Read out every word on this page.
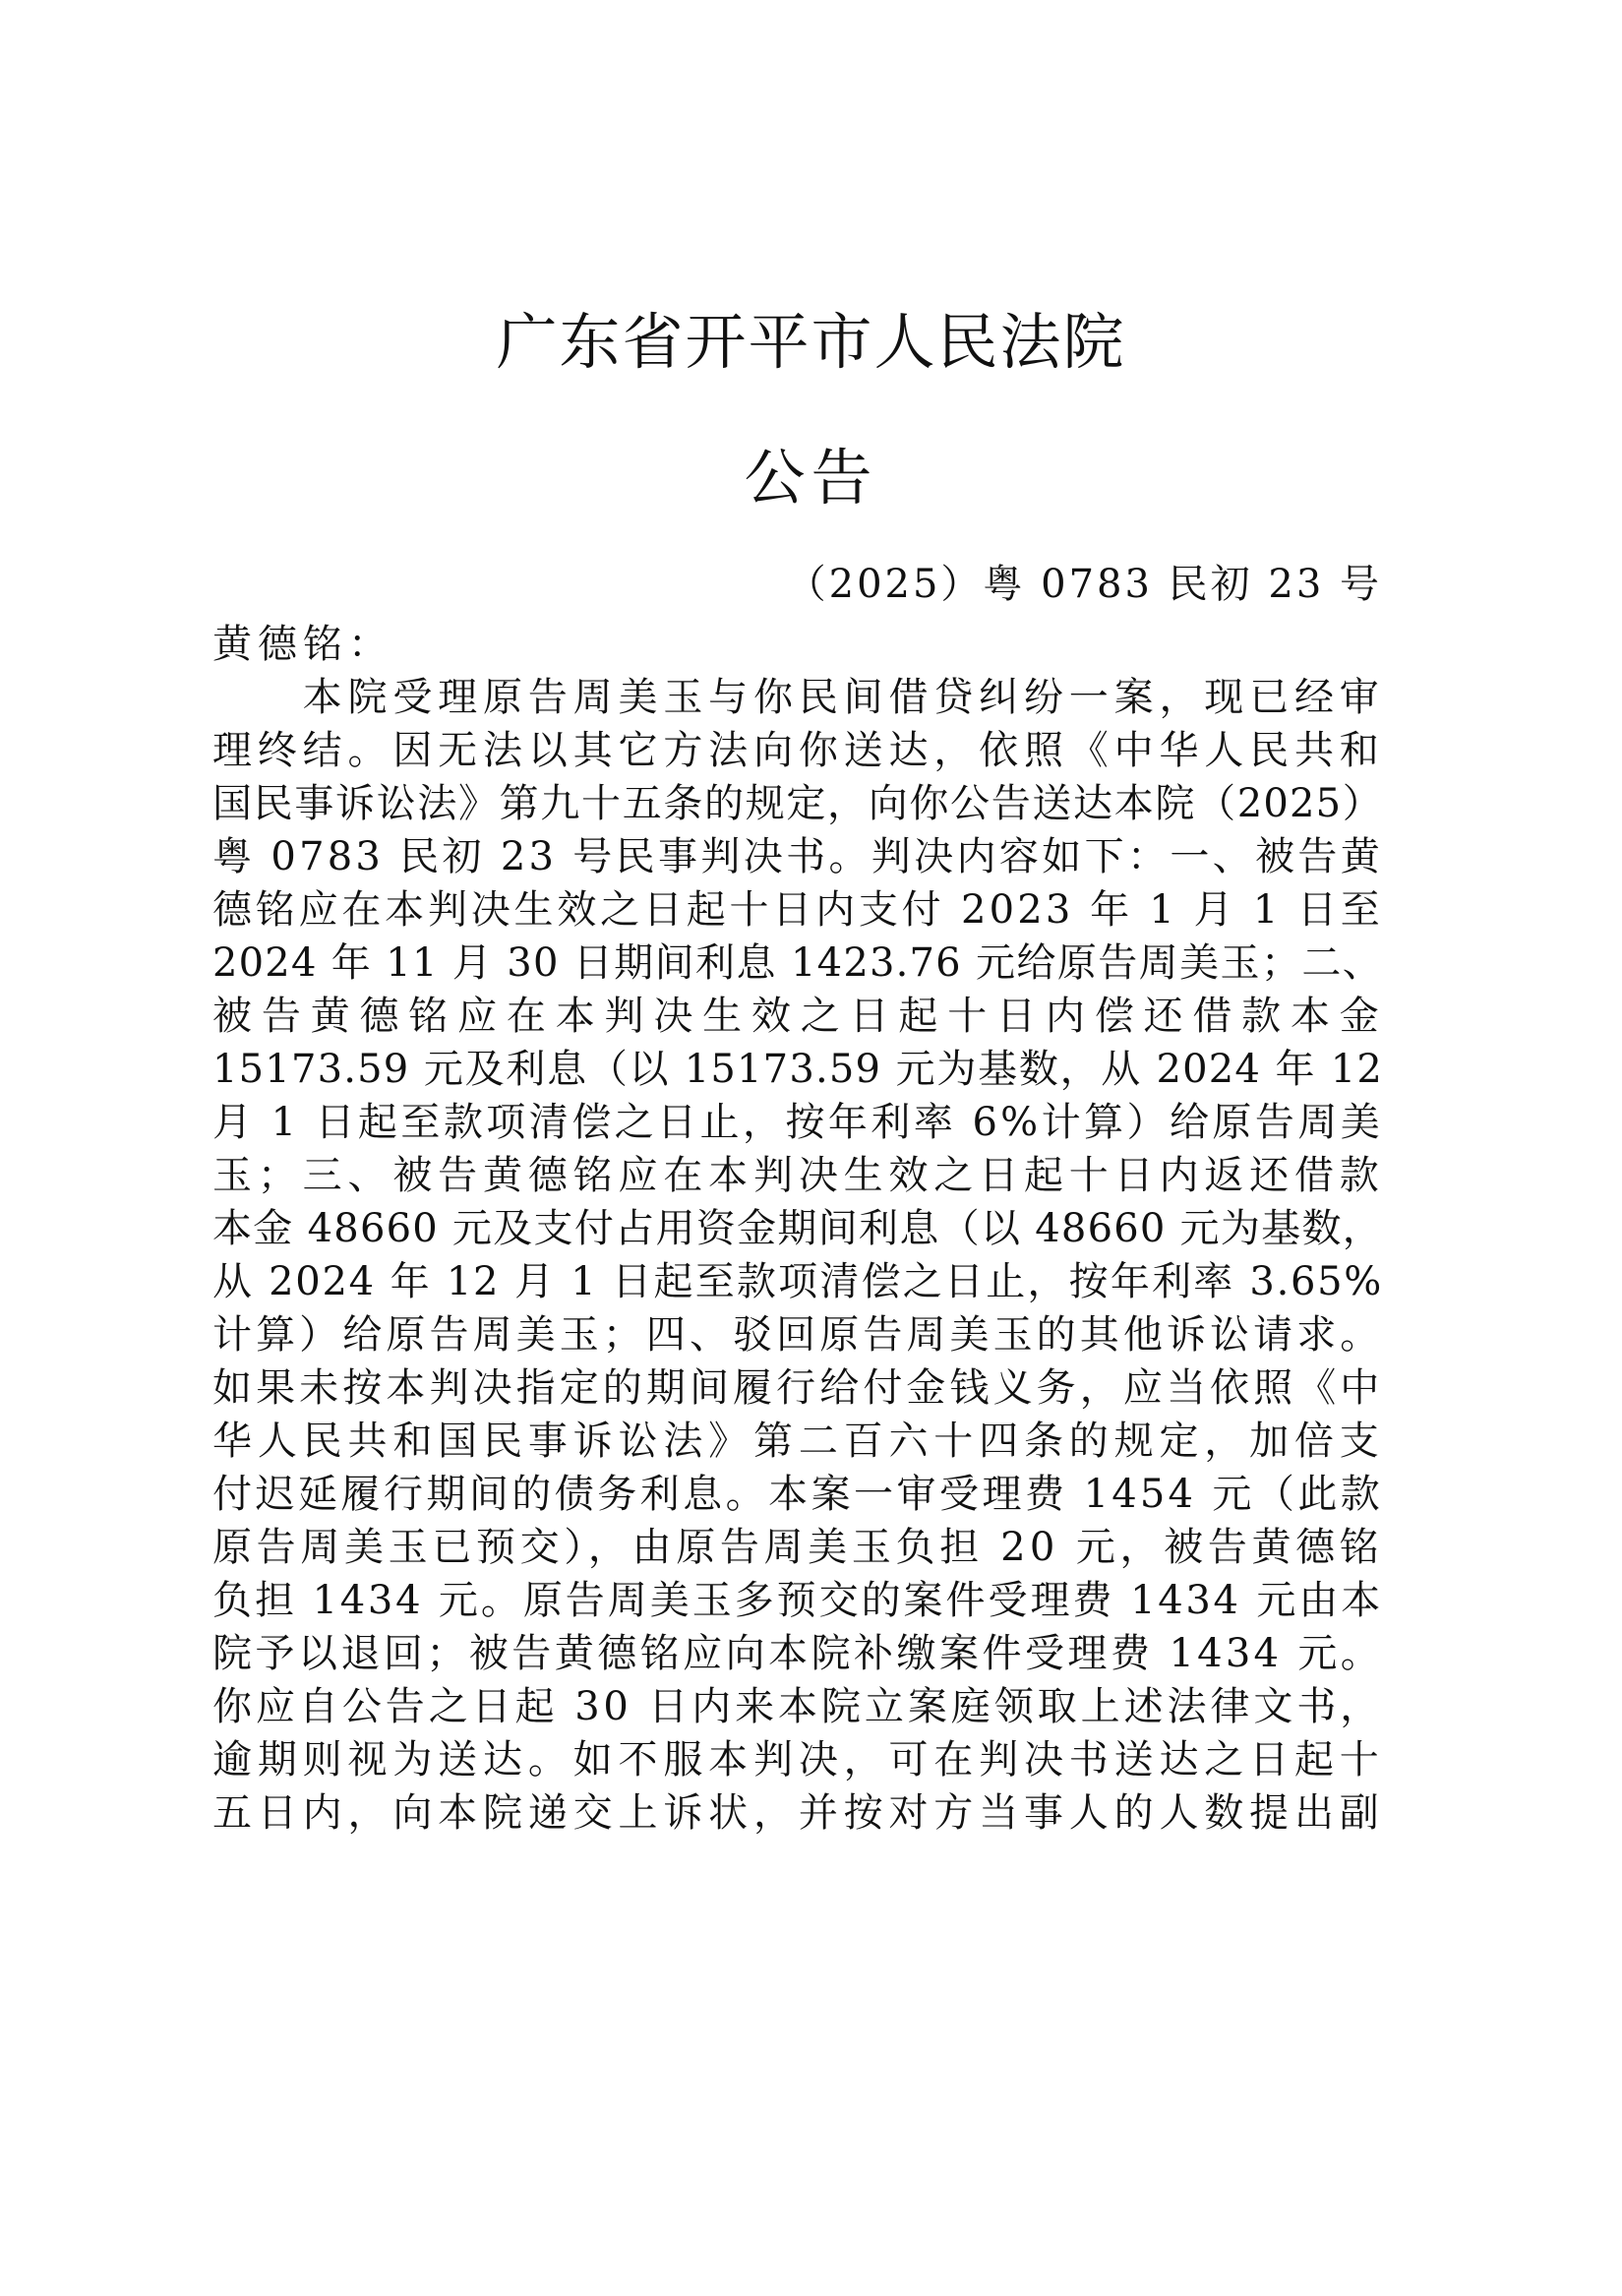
广东省开平市人民法院
公告
（2025）粤 0783 民初 23 号
黄德铭：
　　本院受理原告周美玉与你民间借贷纠纷一案，现已经审
理终结。因无法以其它方法向你送达，依照《中华人民共和
国民事诉讼法》第九十五条的规定，向你公告送达本院（2025）
粤 0783 民初 23 号民事判决书。判决内容如下：一、被告黄
德铭应在本判决生效之日起十日内支付 2023 年 1 月 1 日至
2024 年 11 月 30 日期间利息 1423.76 元给原告周美玉；二、
被告黄德铭应在本判决生效之日起十日内偿还借款本金
15173.59 元及利息（以 15173.59 元为基数，从 2024 年 12
月 1 日起至款项清偿之日止，按年利率 6%计算）给原告周美
玉；三、被告黄德铭应在本判决生效之日起十日内返还借款
本金 48660 元及支付占用资金期间利息（以 48660 元为基数，
从 2024 年 12 月 1 日起至款项清偿之日止，按年利率 3.65%
计算）给原告周美玉；四、驳回原告周美玉的其他诉讼请求。
如果未按本判决指定的期间履行给付金钱义务，应当依照《中
华人民共和国民事诉讼法》第二百六十四条的规定，加倍支
付迟延履行期间的债务利息。本案一审受理费 1454 元（此款
原告周美玉已预交），由原告周美玉负担 20 元，被告黄德铭
负担 1434 元。原告周美玉多预交的案件受理费 1434 元由本
院予以退回；被告黄德铭应向本院补缴案件受理费 1434 元。
你应自公告之日起 30 日内来本院立案庭领取上述法律文书，
逾期则视为送达。如不服本判决，可在判决书送达之日起十
五日内，向本院递交上诉状，并按对方当事人的人数提出副
